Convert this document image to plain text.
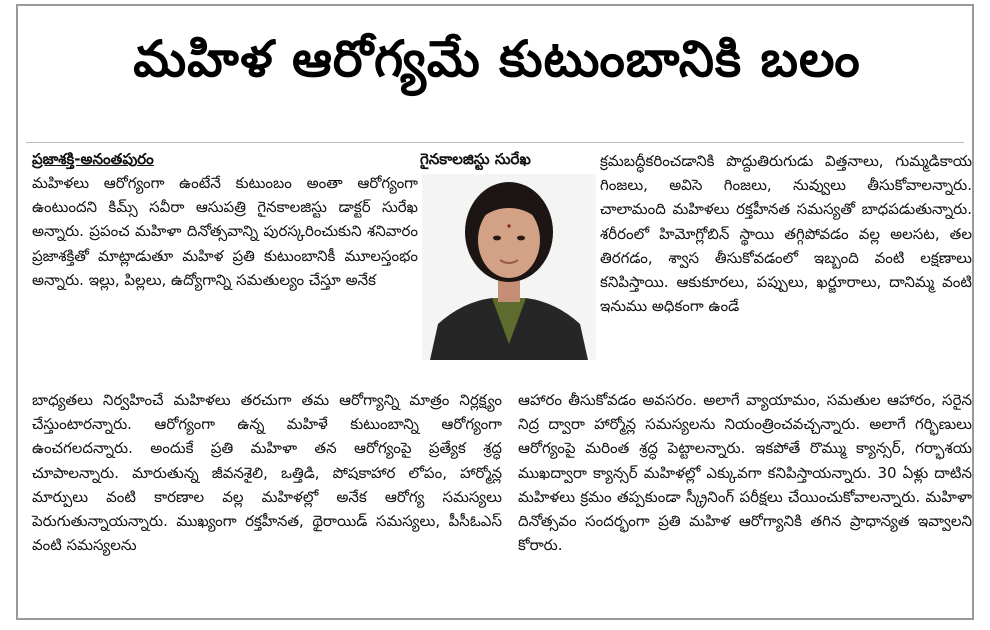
మహిళ ఆరోగ్యమే కుటుంబానికి బలం
ప్రజాశక్తి-అనంతపురం

మహిళలు ఆరోగ్యంగా ఉంటేనే కుటుంబం అంతా ఆరోగ్యంగా ఉంటుందని కిమ్స్ సవీరా ఆసుపత్రి గైనకాలజిస్టు డాక్టర్ సురేఖ అన్నారు. ప్రపంచ మహిళా దినోత్సవాన్ని పురస్కరించుకుని శనివారం ప్రజాశక్తితో మాట్లాడుతూ మహిళ ప్రతి కుటుంబానికీ మూలస్తంభం అన్నారు. ఇల్లు, పిల్లలు, ఉద్యోగాన్ని సమతుల్యం చేస్తూ అనేక

గైనకాలజిస్టు సురేఖ	క్రమబద్ధీకరించడానికి పొద్దుతిరుగుడు విత్తనాలు, గుమ్మడికాయ గింజలు, అవిసె గింజలు, నువ్వులు తీసుకోవాలన్నారు. చాలామంది మహిళలు రక్తహీనత సమస్యతో బాధపడుతున్నారు. శరీరంలో హిమోగ్లోబిన్ స్థాయి తగ్గిపోవడం వల్ల అలసట, తల తిరగడం, శ్వాస తీసుకోవడంలో ఇబ్బంది వంటి లక్షణాలు కనిపిస్తాయి. ఆకుకూరలు, పప్పులు, ఖర్జూరాలు, దానిమ్మ వంటి ఇనుము అధికంగా ఉండే

బాధ్యతలు నిర్వహించే మహిళలు తరచుగా తమ ఆరోగ్యాన్ని మాత్రం నిర్లక్ష్యం చేస్తుంటారన్నారు. ఆరోగ్యంగా ఉన్న మహిళే కుటుంబాన్ని ఆరోగ్యంగా ఉంచగలదన్నారు. అందుకే ప్రతి మహిళా తన ఆరోగ్యంపై ప్రత్యేక శ్రద్ధ చూపాలన్నారు. మారుతున్న జీవనశైలి, ఒత్తిడి, పోషకాహార లోపం, హార్మోన్ల మార్పులు వంటి కారణాల వల్ల మహిళల్లో అనేక ఆరోగ్య సమస్యలు పెరుగుతున్నాయన్నారు. ముఖ్యంగా రక్తహీనత, థైరాయిడ్ సమస్యలు, పీసీఓఎస్ వంటి సమస్యలను

ఆహారం తీసుకోవడం అవసరం. అలాగే వ్యాయామం, సమతుల ఆహారం, సరైన నిద్ర ద్వారా హార్మోన్ల సమస్యలను నియంత్రించవచ్చన్నారు. అలాగే గర్భిణులు ఆరోగ్యంపై మరింత శ్రద్ధ పెట్టాలన్నారు. ఇకపోతే రొమ్ము క్యాన్సర్, గర్భాశయ ముఖద్వారా క్యాన్సర్ మహిళల్లో ఎక్కువగా కనిపిస్తాయన్నారు. 30 ఏళ్లు దాటిన మహిళలు క్రమం తప్పకుండా స్క్రీనింగ్ పరీక్షలు చేయించుకోవాలన్నారు. మహిళా దినోత్సవం సందర్భంగా ప్రతి మహిళ ఆరోగ్యానికి తగిన ప్రాధాన్యత ఇవ్వాలని కోరారు.
